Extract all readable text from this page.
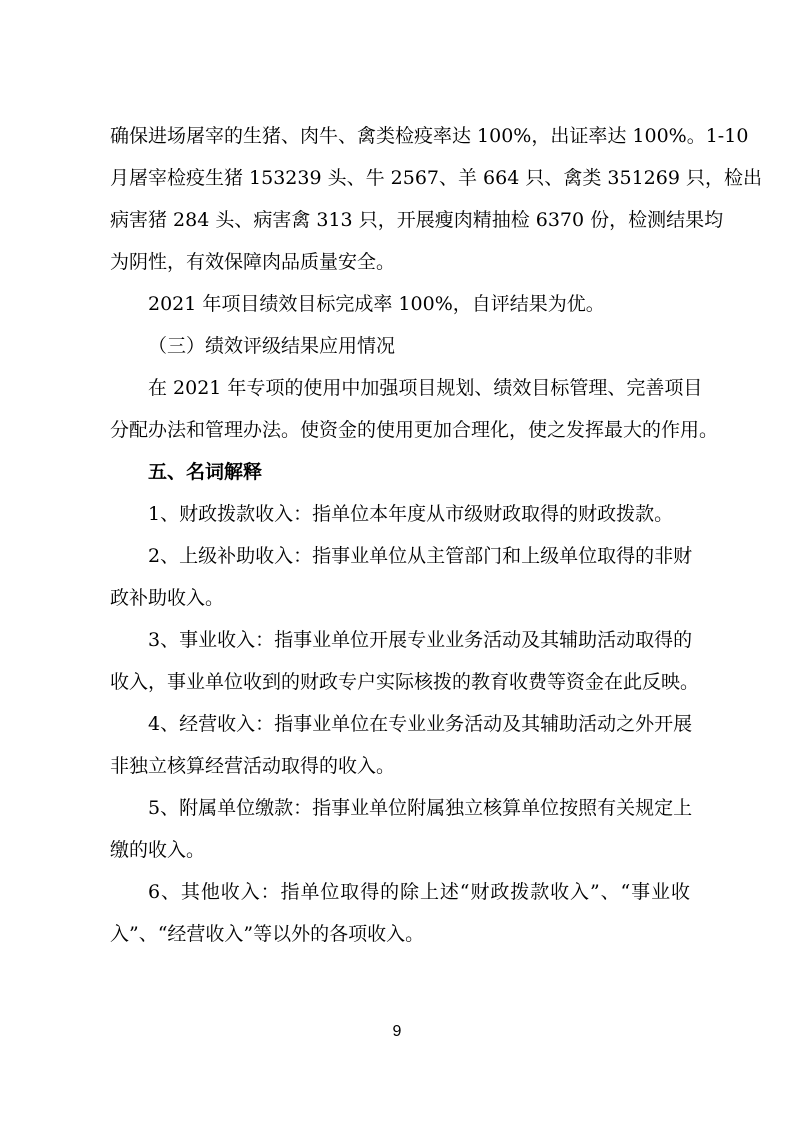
确保进场屠宰的生猪、肉牛、禽类检疫率达 100%，出证率达 100%。1-10
月屠宰检疫生猪 153239 头、牛 2567、羊 664 只、禽类 351269 只，检出
病害猪 284 头、病害禽 313 只，开展瘦肉精抽检 6370 份，检测结果均
为阴性，有效保障肉品质量安全。
2021 年项目绩效目标完成率 100%，自评结果为优。
（三）绩效评级结果应用情况
在 2021 年专项的使用中加强项目规划、绩效目标管理、完善项目
分配办法和管理办法。使资金的使用更加合理化，使之发挥最大的作用。
五、名词解释
1、财政拨款收入：指单位本年度从市级财政取得的财政拨款。
2、上级补助收入：指事业单位从主管部门和上级单位取得的非财
政补助收入。
3、事业收入：指事业单位开展专业业务活动及其辅助活动取得的
收入，事业单位收到的财政专户实际核拨的教育收费等资金在此反映。
4、经营收入：指事业单位在专业业务活动及其辅助活动之外开展
非独立核算经营活动取得的收入。
5、附属单位缴款：指事业单位附属独立核算单位按照有关规定上
缴的收入。
6、其他收入：指单位取得的除上述“财政拨款收入”、“事业收
入”、“经营收入”等以外的各项收入。
9
